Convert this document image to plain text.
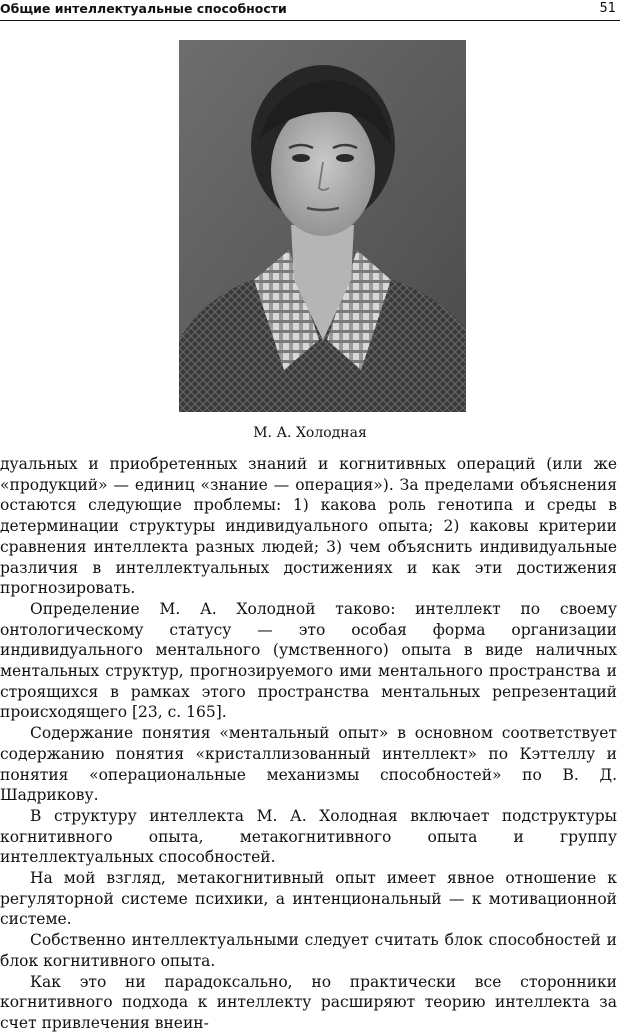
Общие интеллектуальные способности	51
М. А. Холодная

дуальных и приобретенных знаний и когнитивных операций (или же «продукций» — единиц «знание — операция»). За пределами объяснения остаются следующие проблемы: 1) какова роль генотипа и среды в детерминации структуры индивидуального опыта; 2) каковы критерии сравнения интеллекта разных людей; 3) чем объяснить индивидуальные различия в интеллектуальных достижениях и как эти достижения прогнозировать.

Определение М. А. Холодной таково: интеллект по своему онтологическому статусу — это особая форма организации индивидуального ментального (умственного) опыта в виде наличных ментальных структур, прогнозируемого ими ментального пространства и строящихся в рамках этого пространства ментальных репрезентаций происходящего [23, с. 165].

Содержание понятия «ментальный опыт» в основном соответствует содержанию понятия «кристаллизованный интеллект» по Кэттеллу и понятия «операциональные механизмы способностей» по В. Д. Шадрикову.

В структуру интеллекта М. А. Холодная включает подструктуры когнитивного опыта, метакогнитивного опыта и группу интеллектуальных способностей.

На мой взгляд, метакогнитивный опыт имеет явное отношение к регуляторной системе психики, а интенциональный — к мотивационной системе.

Собственно интеллектуальными следует считать блок способностей и блок когнитивного опыта.

Как это ни парадоксально, но практически все сторонники когнитивного подхода к интеллекту расширяют теорию интеллекта за счет привлечения внеин-
